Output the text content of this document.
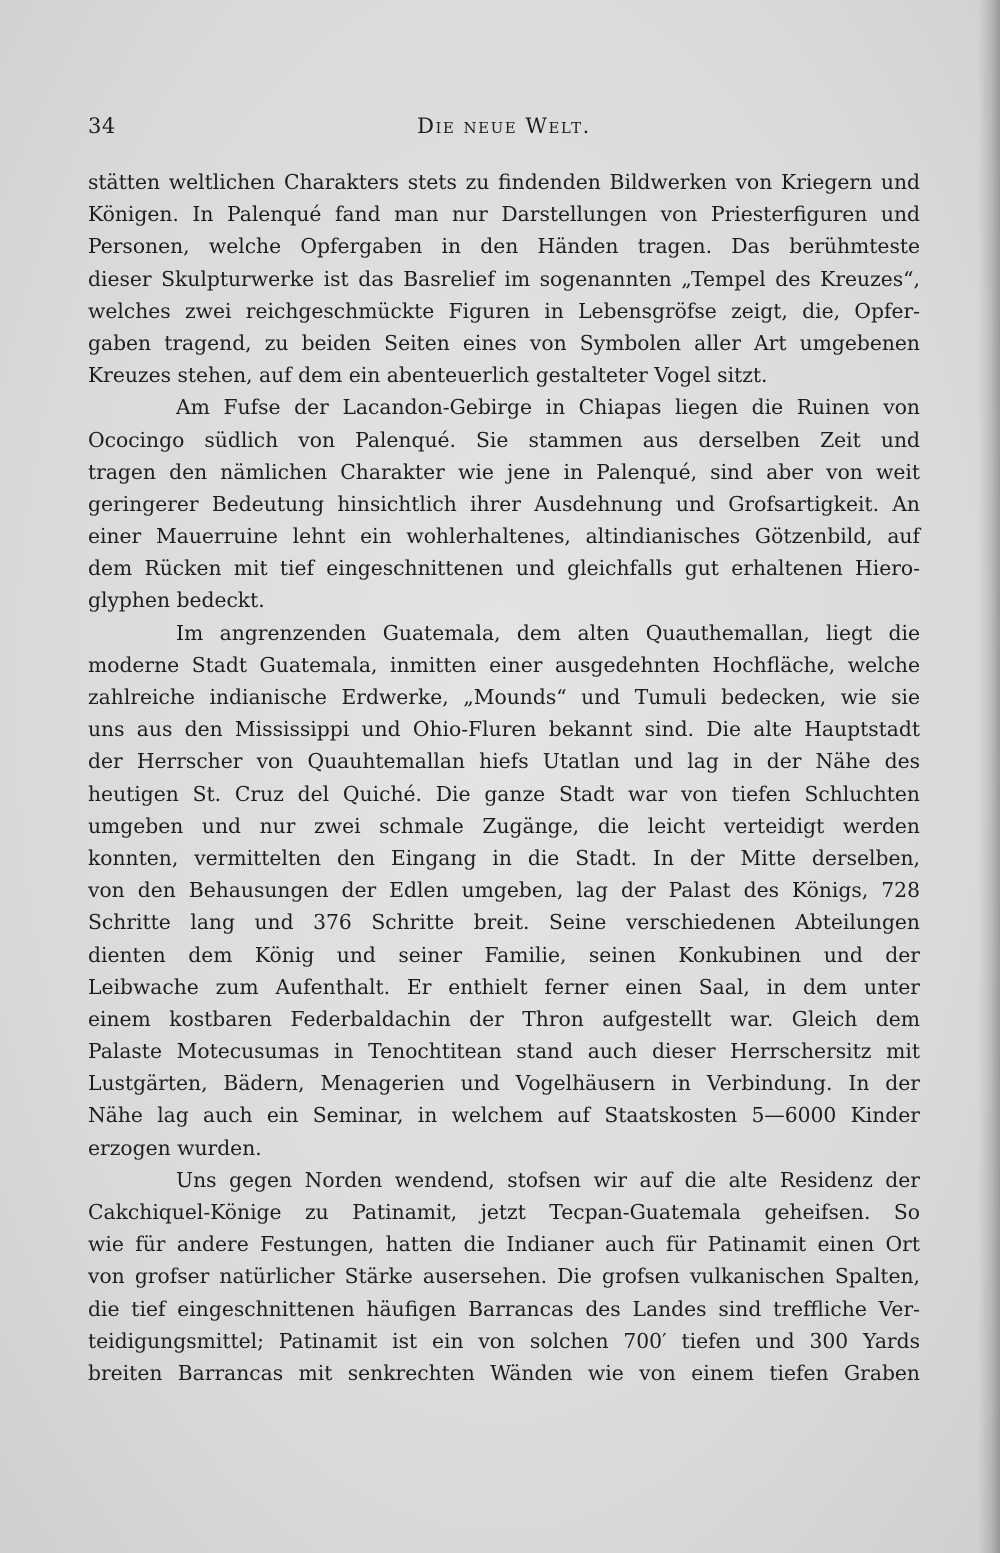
34	Die neue Welt.
stätten weltlichen Charakters stets zu findenden Bildwerken von Kriegern und
Königen. In Palenqué fand man nur Darstellungen von Priesterfiguren und
Personen, welche Opfergaben in den Händen tragen. Das berühmteste
dieser Skulpturwerke ist das Basrelief im sogenannten „Tempel des Kreuzes“,
welches zwei reichgeschmückte Figuren in Lebensgröfse zeigt, die, Opfer-
gaben tragend, zu beiden Seiten eines von Symbolen aller Art umgebenen
Kreuzes stehen, auf dem ein abenteuerlich gestalteter Vogel sitzt.
Am Fufse der Lacandon-Gebirge in Chiapas liegen die Ruinen von
Ococingo südlich von Palenqué. Sie stammen aus derselben Zeit und
tragen den nämlichen Charakter wie jene in Palenqué, sind aber von weit
geringerer Bedeutung hinsichtlich ihrer Ausdehnung und Grofsartigkeit. An
einer Mauerruine lehnt ein wohlerhaltenes, altindianisches Götzenbild, auf
dem Rücken mit tief eingeschnittenen und gleichfalls gut erhaltenen Hiero-
glyphen bedeckt.
Im angrenzenden Guatemala, dem alten Quauthemallan, liegt die
moderne Stadt Guatemala, inmitten einer ausgedehnten Hochfläche, welche
zahlreiche indianische Erdwerke, „Mounds“ und Tumuli bedecken, wie sie
uns aus den Mississippi und Ohio-Fluren bekannt sind. Die alte Hauptstadt
der Herrscher von Quauhtemallan hiefs Utatlan und lag in der Nähe des
heutigen St. Cruz del Quiché. Die ganze Stadt war von tiefen Schluchten
umgeben und nur zwei schmale Zugänge, die leicht verteidigt werden
konnten, vermittelten den Eingang in die Stadt. In der Mitte derselben,
von den Behausungen der Edlen umgeben, lag der Palast des Königs, 728
Schritte lang und 376 Schritte breit. Seine verschiedenen Abteilungen
dienten dem König und seiner Familie, seinen Konkubinen und der
Leibwache zum Aufenthalt. Er enthielt ferner einen Saal, in dem unter
einem kostbaren Federbaldachin der Thron aufgestellt war. Gleich dem
Palaste Motecusumas in Tenochtitean stand auch dieser Herrschersitz mit
Lustgärten, Bädern, Menagerien und Vogelhäusern in Verbindung. In der
Nähe lag auch ein Seminar, in welchem auf Staatskosten 5—6000 Kinder
erzogen wurden.
Uns gegen Norden wendend, stofsen wir auf die alte Residenz der
Cakchiquel-Könige zu Patinamit, jetzt Tecpan-Guatemala geheifsen. So
wie für andere Festungen, hatten die Indianer auch für Patinamit einen Ort
von grofser natürlicher Stärke ausersehen. Die grofsen vulkanischen Spalten,
die tief eingeschnittenen häufigen Barrancas des Landes sind treffliche Ver-
teidigungsmittel; Patinamit ist ein von solchen 700′ tiefen und 300 Yards
breiten Barrancas mit senkrechten Wänden wie von einem tiefen Graben
